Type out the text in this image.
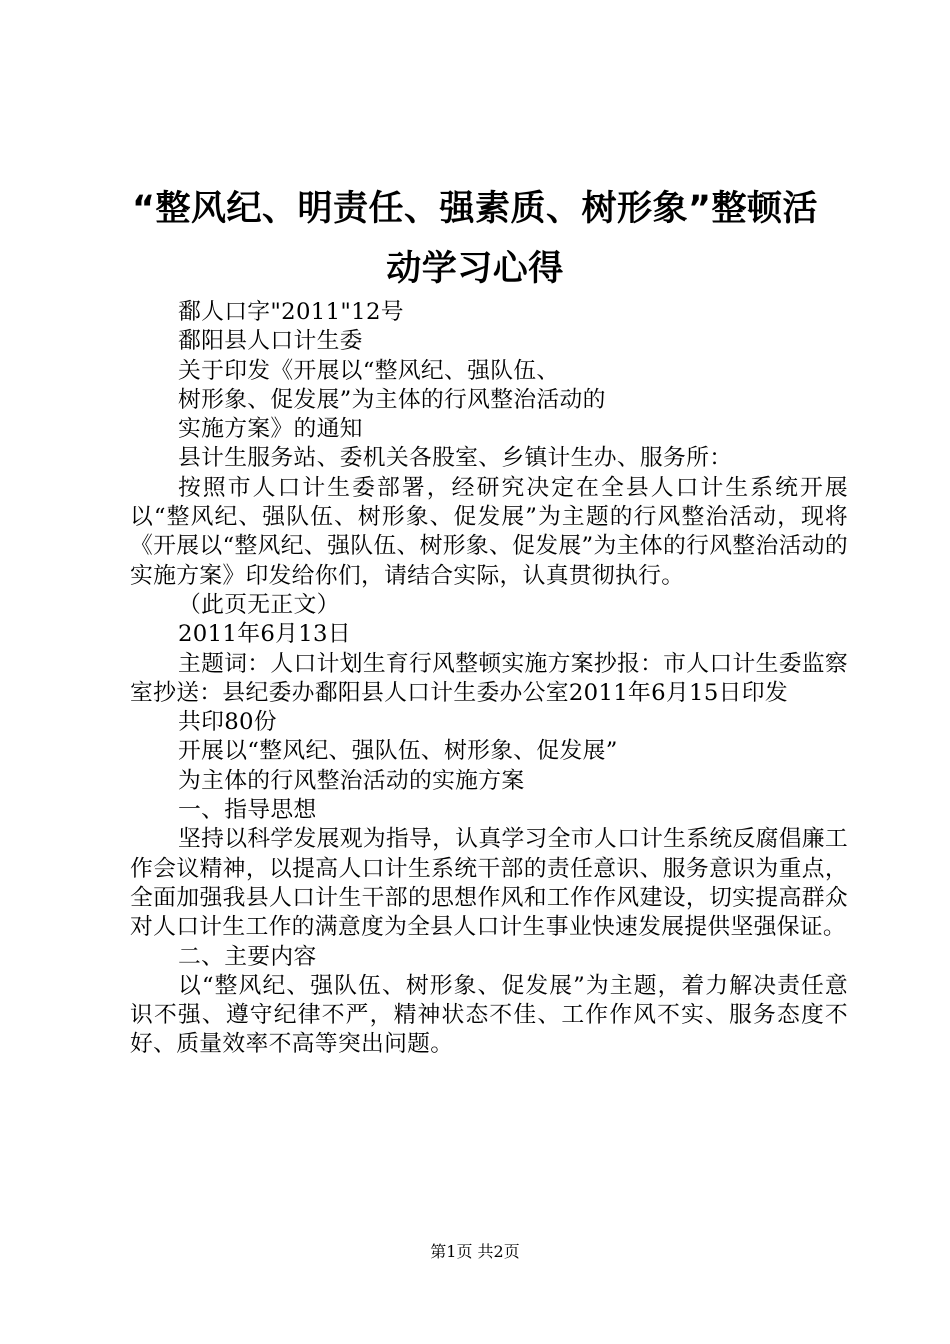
“整风纪、明责任、强素质、树形象”整顿活
动学习心得

鄱人口字"2011"12号

鄱阳县人口计生委

关于印发《开展以“整风纪、强队伍、

树形象、促发展”为主体的行风整治活动的

实施方案》的通知

县计生服务站、委机关各股室、乡镇计生办、服务所：

按照市人口计生委部署，经研究决定在全县人口计生系统开展以“整风纪、强队伍、树形象、促发展”为主题的行风整治活动，现将《开展以“整风纪、强队伍、树形象、促发展”为主体的行风整治活动的实施方案》印发给你们，请结合实际，认真贯彻执行。

（此页无正文）

2011年6月13日

主题词：人口计划生育行风整顿实施方案抄报：市人口计生委监察室抄送：县纪委办鄱阳县人口计生委办公室2011年6月15日印发

共印80份

开展以“整风纪、强队伍、树形象、促发展”

为主体的行风整治活动的实施方案

一、指导思想

坚持以科学发展观为指导，认真学习全市人口计生系统反腐倡廉工作会议精神，以提高人口计生系统干部的责任意识、服务意识为重点，全面加强我县人口计生干部的思想作风和工作作风建设，切实提高群众对人口计生工作的满意度为全县人口计生事业快速发展提供坚强保证。

二、主要内容

以“整风纪、强队伍、树形象、促发展”为主题，着力解决责任意识不强、遵守纪律不严，精神状态不佳、工作作风不实、服务态度不好、质量效率不高等突出问题。

第1页 共2页
